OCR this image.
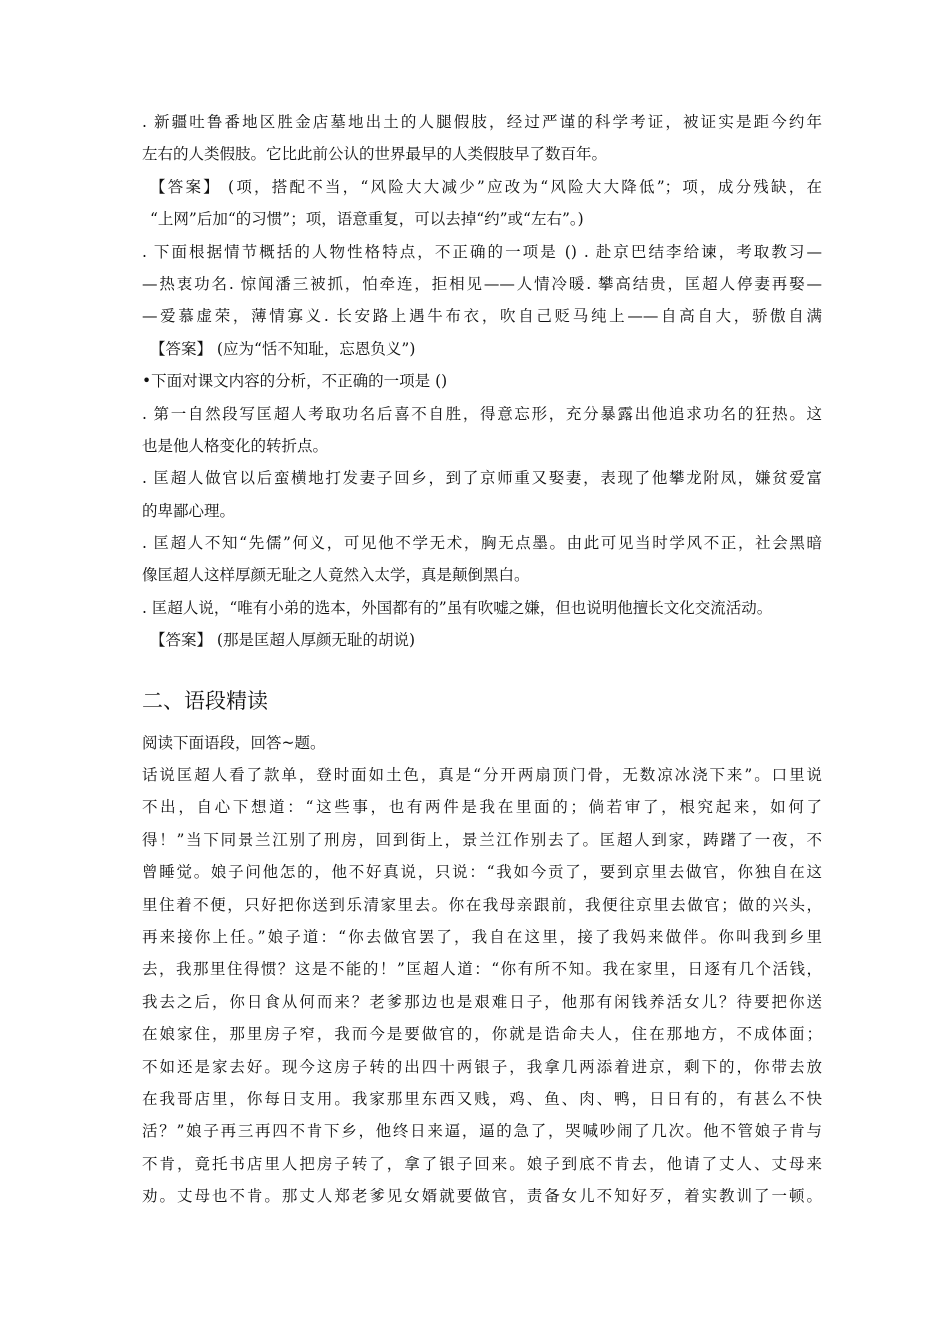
. 新疆吐鲁番地区胜金店墓地出土的人腿假肢，经过严谨的科学考证，被证实是距今约年
左右的人类假肢。它比此前公认的世界最早的人类假肢早了数百年。
【答案】 (项，搭配不当，“风险大大减少”应改为“风险大大降低”；项，成分残缺，在
“上网”后加“的习惯”；项，语意重复，可以去掉“约”或“左右”。)
. 下面根据情节概括的人物性格特点，不正确的一项是 () . 赴京巴结李给谏，考取教习—
—热衷功名. 惊闻潘三被抓，怕牵连，拒相见——人情冷暖. 攀高结贵，匡超人停妻再娶—
—爱慕虚荣，薄情寡义. 长安路上遇牛布衣，吹自己贬马纯上——自高自大，骄傲自满
【答案】 (应为“恬不知耻，忘恩负义”)
•下面对课文内容的分析，不正确的一项是 ()
. 第一自然段写匡超人考取功名后喜不自胜，得意忘形，充分暴露出他追求功名的狂热。这
也是他人格变化的转折点。
. 匡超人做官以后蛮横地打发妻子回乡，到了京师重又娶妻，表现了他攀龙附凤，嫌贫爱富
的卑鄙心理。
. 匡超人不知“先儒”何义，可见他不学无术，胸无点墨。由此可见当时学风不正，社会黑暗
像匡超人这样厚颜无耻之人竟然入太学，真是颠倒黑白。
. 匡超人说，“唯有小弟的选本，外国都有的”虽有吹嘘之嫌，但也说明他擅长文化交流活动。
【答案】 (那是匡超人厚颜无耻的胡说)
二、语段精读
阅读下面语段，回答~题。
话说匡超人看了款单，登时面如土色，真是“分开两扇顶门骨，无数凉冰浇下来”。口里说
不出，自心下想道：“这些事，也有两件是我在里面的；倘若审了，根究起来，如何了
得！”当下同景兰江别了刑房，回到街上，景兰江作别去了。匡超人到家，踌躇了一夜，不
曾睡觉。娘子问他怎的，他不好真说，只说：“我如今贡了，要到京里去做官，你独自在这
里住着不便，只好把你送到乐清家里去。你在我母亲跟前，我便往京里去做官；做的兴头，
再来接你上任。”娘子道：“你去做官罢了，我自在这里，接了我妈来做伴。你叫我到乡里
去，我那里住得惯？这是不能的！”匡超人道：“你有所不知。我在家里，日逐有几个活钱，
我去之后，你日食从何而来？老爹那边也是艰难日子，他那有闲钱养活女儿？待要把你送
在娘家住，那里房子窄，我而今是要做官的，你就是诰命夫人，住在那地方，不成体面；
不如还是家去好。现今这房子转的出四十两银子，我拿几两添着进京，剩下的，你带去放
在我哥店里，你每日支用。我家那里东西又贱，鸡、鱼、肉、鸭，日日有的，有甚么不快
活？”娘子再三再四不肯下乡，他终日来逼，逼的急了，哭喊吵闹了几次。他不管娘子肯与
不肯，竟托书店里人把房子转了，拿了银子回来。娘子到底不肯去，他请了丈人、丈母来
劝。丈母也不肯。那丈人郑老爹见女婿就要做官，责备女儿不知好歹，着实教训了一顿。
